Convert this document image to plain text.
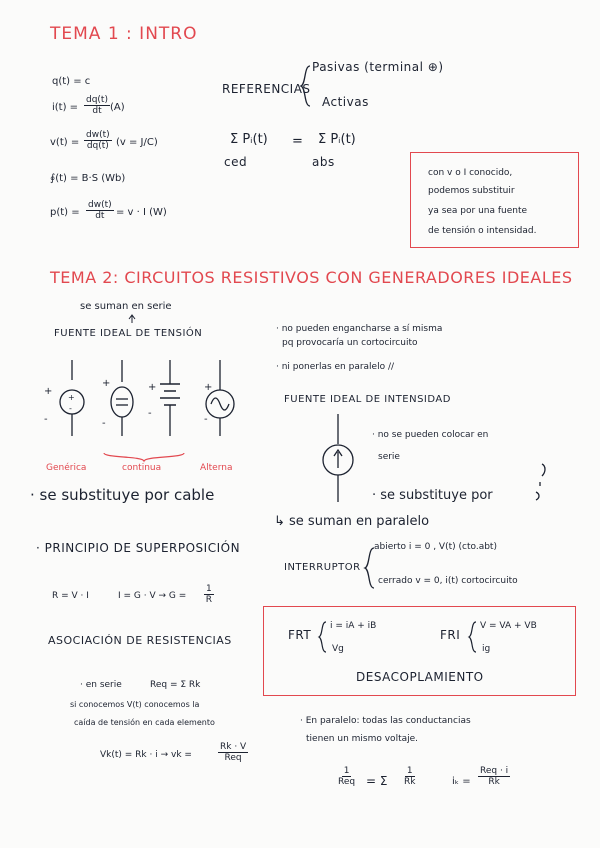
TEMA 1 : INTRO
q(t) = c
$i(t) = \frac{dq(t)}{dt} (A)$
$v(t) = \frac{dw(t)}{dq(t)} (v = J/C)$
∮(t) = B·S (Wb)
$p(t) = \frac{dw(t)}{dt} = v \cdot I$ (W)
REFERENCIAS
Pasivas (terminal ⊕)
Activas
Σ Pᵢ(t)
ced
= Σ Pᵢ(t)
abs
con v o I conocido,
podemos substituir
ya sea por una fuente
de tensión o intensidad.
TEMA 2: CIRCUITOS RESISTIVOS CON GENERADORES IDEALES
se suman en serie
FUENTE IDEAL DE TENSIÓN
+
-
+
-
+
-
+
-
+
-
Genérica	continua	Alterna
· se substituye por cable
· no pueden engancharse a sí misma
pq provocaría un cortocircuito
· ni ponerlas en paralelo //
FUENTE IDEAL DE INTENSIDAD
· no se pueden colocar en
serie
· se substituye por
↳ se suman en paralelo
INTERRUPTOR
abierto i = 0 , V(t) (cto.abt)
cerrado v = 0, i(t) cortocircuito
· PRINCIPIO DE SUPERPOSICIÓN
R = V · I	$I = G \cdot V \to G = \frac{1}{R}$
ASOCIACIÓN DE RESISTENCIAS
· en serie	Req = Σ Rk
si conocemos V(t) conocemos la
caída de tensión en cada elemento
Vk(t) = Rk · i → vk =
Rk · V
Req
FRT
i = iA + iB
Vg
FRI
V = VA + VB
ig
DESACOPLAMIENTO
· En paralelo: todas las conductancias
tienen un mismo voltaje.
1
Req = Σ $\frac{1}{Rk}$	iₖ =
Req · i
Rk
